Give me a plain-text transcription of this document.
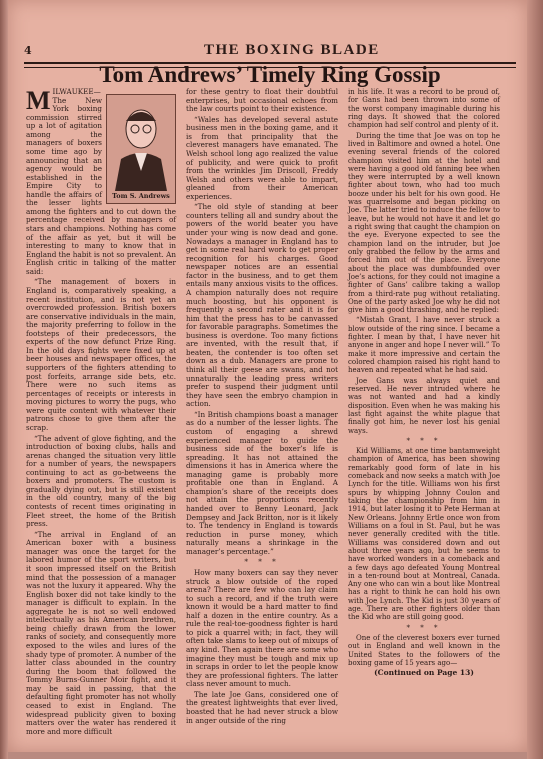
4	THE BOXING BLADE
Tom Andrews’ Timely Ring Gossip
M
Tom S. Andrews

ILWAUKEE—The New York boxing commission stirred up a lot of agitation among the managers of boxers some time ago by announcing that an agency would be established in the Empire City to handle the affairs of the lesser lights among the fighters and to cut down the percentage received by managers of stars and champions. Nothing has come of the affair as yet, but it will be interesting to many to know that in England the habit is not so prevalent. An English critic in talking of the matter said:

“The management of boxers in England is, comparatively speaking, a recent institution, and is not yet an overcrowded profession. British boxers are conservative individuals in the main, the majority preferring to follow in the footsteps of their predecessors, the experts of the now defunct Prize Ring. In the old days fights were fixed up at beer houses and newspaper offices, the supporters of the fighters attending to post forfeits, arrange side bets, etc. There were no such items as percentages of receipts or interests in moving pictures to worry the pugs, who were quite content with whatever their patrons chose to give them after the scrap.

“The advent of glove fighting, and the introduction of boxing clubs, halls and arenas changed the situation very little for a number of years, the newspapers continuing to act as go-betweens the boxers and promoters. The custom is gradually dying out, but is still existent in the old country, many of the big contests of recent times originating in Fleet street, the home of the British press.

“The arrival in England of an American boxer with a business manager was once the target for the labored humor of the sport writers, but it soon impressed itself on the British mind that the possession of a manager was not the luxury it appeared. Why the English boxer did not take kindly to the manager is difficult to explain. In the aggregate he is not so well endowed intellectually as his American brethren, being chiefly drawn from the lower ranks of society, and consequently more exposed to the wiles and lures of the shady type of promoter. A number of the latter class abounded in the country during the boom that followed the Tommy Burns-Gunner Moir fight, and it may be said in passing, that the defaulting fight promoter has not wholly ceased to exist in England. The widespread publicity given to boxing matters over the water has rendered it more and more difficult

for these gentry to float their doubtful enterprises, but occasional echoes from the law courts point to their existence.

“Wales has developed several astute business men in the boxing game, and it is from that principality that the cleverest managers have emanated. The Welsh school long ago realized the value of publicity, and were quick to profit from the wrinkles Jim Driscoll, Freddy Welsh and others were able to impart, gleaned from their American experiences.

“The old style of standing at beer counters telling all and sundry about the powers of the world beater you have under your wing is now dead and gone. Nowadays a manager in England has to get in some real hard work to get proper recognition for his charges. Good newspaper notices are an essential factor in the business, and to get them entails many anxious visits to the offices. A champion naturally does not require much boosting, but his opponent is frequently a second rater and it is for him that the press has to be canvassed for favorable paragraphs. Sometimes the business is overdone. Too many fictions are invented, with the result that, if beaten, the contender is too often set down as a dub. Managers are prone to think all their geese are swans, and not unnaturally the leading press writers prefer to suspend their judgment until they have seen the embryo champion in action.

“In British champions boast a manager as do a number of the lesser lights. The custom of engaging a shrewd experienced manager to guide the business side of the boxer’s life is spreading. It has not attained the dimensions it has in America where the managing game is probably more profitable one than in England. A champion’s share of the receipts does not attain the proportions recently handed over to Benny Leonard, Jack Dempsey and Jack Britton, nor is it likely to. The tendency in England is towards reduction in purse money, which naturally means a shrinkage in the manager’s percentage.”

* * *

How many boxers can say they never struck a blow outside of the roped arena? There are few who can lay claim to such a record, and if the truth were known it would be a hard matter to find half a dozen in the entire country. As a rule the real-toe-goodness fighter is hard to pick a quarrel with; in fact, they will often take slams to keep out of mixups of any kind. Then again there are some who imagine they must be tough and mix up in scraps in order to let the people know they are professional fighters. The latter class never amount to much.

The late Joe Gans, considered one of the greatest lightweights that ever lived, boasted that he had never struck a blow in anger outside of the ring

in his life. It was a record to be proud of, for Gans had been thrown into some of the worst company imaginable during his ring days. It showed that the colored champion had self control and plenty of it.

During the time that Joe was on top he lived in Baltimore and owned a hotel. One evening several friends of the colored champion visited him at the hotel and were having a good old fanning bee when they were interrupted by a well known fighter about town, who had too much booze under his belt for his own good. He was quarrelsome and began picking on Joe. The latter tried to induce the fellow to leave, but he would not have it and let go a right swing that caught the champion on the eye. Everyone expected to see the champion land on the intruder, but Joe only grabbed the fellow by the arms and forced him out of the place. Everyone about the place was dumbfounded over Joe’s actions, for they could not imagine a fighter of Gans’ calibre taking a wallop from a third-rate pug without retaliating. One of the party asked Joe why he did not give him a good thrashing, and he replied:

“Mistah Grant, I have never struck a blow outside of the ring since. I became a fighter. I mean by that, I have never hit anyone in anger and hope I never will.” To make it more impressive and certain the colored champion raised his right hand to heaven and repeated what he had said.

Joe Gans was always quiet and reserved. He never intruded where he was not wanted and had a kindly disposition. Even when he was making his last fight against the white plague that finally got him, he never lost his genial ways.

* * *

Kid Williams, at one time bantamweight champion of America, has been showing remarkably good form of late in his comeback and now seeks a match with Joe Lynch for the title. Williams won his first spurs by whipping Johnny Coulon and taking the championship from him in 1914, but later losing it to Pete Herman at New Orleans. Johnny Ertle once won from Williams on a foul in St. Paul, but he was never generally credited with the title. Williams was considered down and out about three years ago, but he seems to have worked wonders in a comeback and a few days ago defeated Young Montreal in a ten-round bout at Montreal, Canada. Any one who can win a bout like Montreal has a right to think he can hold his own with Joe Lynch. The Kid is just 30 years of age. There are other fighters older than the Kid who are still going good.

* * *

One of the cleverest boxers ever turned out in England and well known in the United States to the followers of the boxing game of 15 years ago—

(Continued on Page 13)
